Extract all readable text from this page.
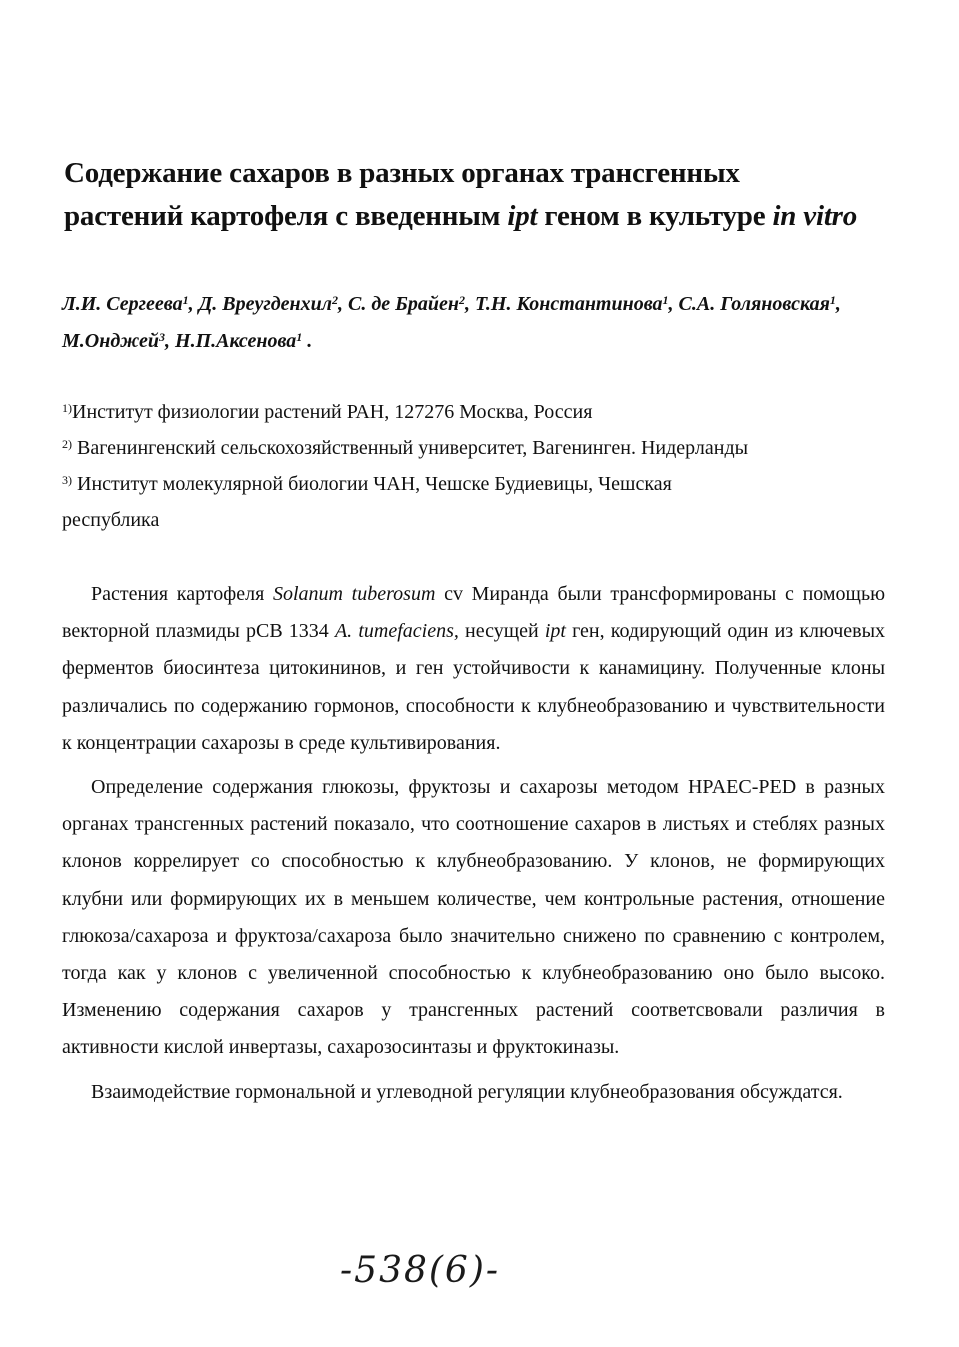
Содержание сахаров в разных органах трансгенных
растений картофеля с введенным ipt геном в культуре in vitro
Л.И. Сергеева$^1$, Д. Вреугденхил$^2$, С. де Брайен$^2$, Т.Н. Константинова$^1$, С.А. Голяновская$^1$, М.Онджей$^3$, Н.П.Аксенова$^1$ .
$^{1)}$Институт физиологии растений РАН, 127276 Москва, Россия
$^{2)}$ Вагенингенский сельскохозяйственный университет, Вагенинген. Нидерланды
$^{3)}$ Институт молекулярной биологии ЧАН, Чешске Будиевицы, Чешская
республика

Растения картофеля Solanum tuberosum cv Миранда были трансформированы с помощью векторной плазмиды pCB 1334 A. tumefaciens, несущей ipt ген, кодирующий один из ключевых ферментов биосинтеза цитокининов, и ген устойчивости к канамицину. Полученные клоны различались по содержанию гормонов, способности к клубнеобразованию и чувствительности к концентрации сахарозы в среде культивирования.

Определение содержания глюкозы, фруктозы и сахарозы методом HPAEC-PED в разных органах трансгенных растений показало, что соотношение сахаров в листьях и стеблях разных клонов коррелирует со способностью к клубнеобразованию. У клонов, не формирующих клубни или формирующих их в меньшем количестве, чем контрольные растения, отношение глюкоза/сахароза и фруктоза/сахароза было значительно снижено по сравнению с контролем, тогда как у клонов с увеличенной способностью к клубнеобразованию оно было высоко. Изменению содержания сахаров у трансгенных растений соответсвовали различия в активности кислой инвертазы, сахарозосинтазы и фруктокиназы.

Взаимодействие гормональной и углеводной регуляции клубнеобразования обсуждатся.

-538(6)-
